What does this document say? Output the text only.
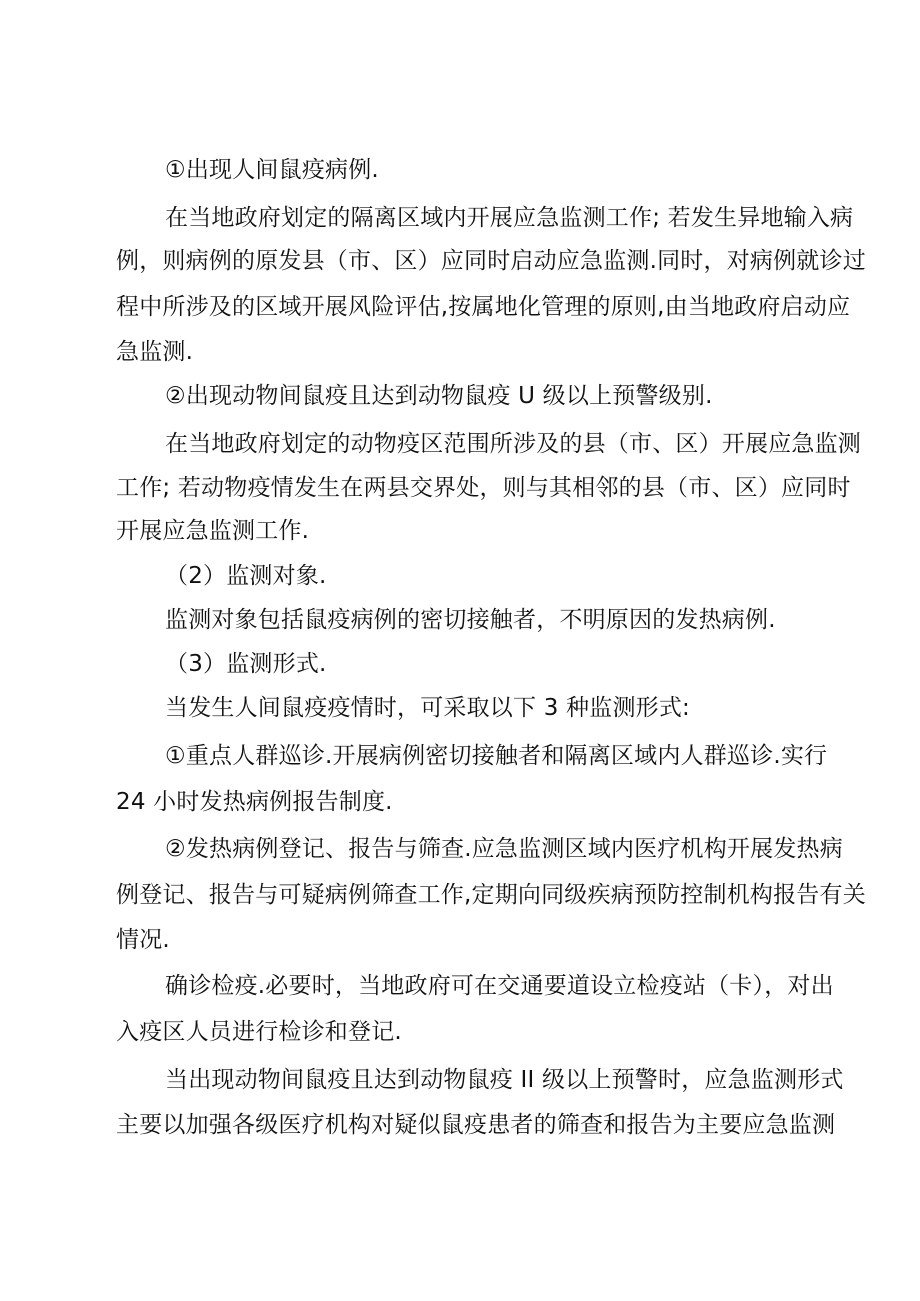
①出现人间鼠疫病例.
在当地政府划定的隔离区域内开展应急监测工作; 若发生异地输入病
例，则病例的原发县（市、区）应同时启动应急监测.同时，对病例就诊过
程中所涉及的区域开展风险评估,按属地化管理的原则,由当地政府启动应
急监测.
②出现动物间鼠疫且达到动物鼠疫 U 级以上预警级别.
在当地政府划定的动物疫区范围所涉及的县（市、区）开展应急监测
工作; 若动物疫情发生在两县交界处，则与其相邻的县（市、区）应同时
开展应急监测工作.
（2）监测对象.
监测对象包括鼠疫病例的密切接触者，不明原因的发热病例.
（3）监测形式.
当发生人间鼠疫疫情时，可采取以下 3 种监测形式:
①重点人群巡诊.开展病例密切接触者和隔离区域内人群巡诊.实行
24 小时发热病例报告制度.
②发热病例登记、报告与筛查.应急监测区域内医疗机构开展发热病
例登记、报告与可疑病例筛查工作,定期向同级疾病预防控制机构报告有关
情况.
确诊检疫.必要时，当地政府可在交通要道设立检疫站（卡），对出
入疫区人员进行检诊和登记.
当出现动物间鼠疫且达到动物鼠疫 II 级以上预警时，应急监测形式
主要以加强各级医疗机构对疑似鼠疫患者的筛查和报告为主要应急监测
